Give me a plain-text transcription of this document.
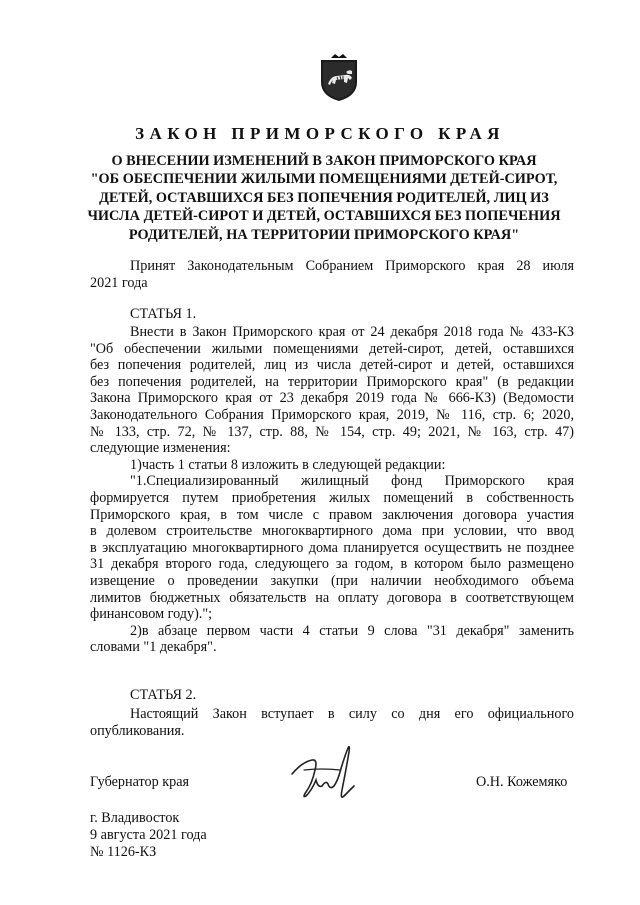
ЗАКОН ПРИМОРСКОГО КРАЯ
О ВНЕСЕНИИ ИЗМЕНЕНИЙ В ЗАКОН ПРИМОРСКОГО КРАЯ
"ОБ ОБЕСПЕЧЕНИИ ЖИЛЫМИ ПОМЕЩЕНИЯМИ ДЕТЕЙ-СИРОТ,
ДЕТЕЙ, ОСТАВШИХСЯ БЕЗ ПОПЕЧЕНИЯ РОДИТЕЛЕЙ, ЛИЦ ИЗ
ЧИСЛА ДЕТЕЙ-СИРОТ И ДЕТЕЙ, ОСТАВШИХСЯ БЕЗ ПОПЕЧЕНИЯ
РОДИТЕЛЕЙ, НА ТЕРРИТОРИИ ПРИМОРСКОГО КРАЯ"
Принят Законодательным Собранием Приморского края 28 июля
2021 года
СТАТЬЯ 1.
Внести в Закон Приморского края от 24 декабря 2018 года № 433-КЗ
"Об обеспечении жилыми помещениями детей-сирот, детей, оставшихся
без попечения родителей, лиц из числа детей-сирот и детей, оставшихся
без попечения родителей, на территории Приморского края" (в редакции
Закона Приморского края от 23 декабря 2019 года № 666-КЗ) (Ведомости
Законодательного Собрания Приморского края, 2019, № 116, стр. 6; 2020,
№ 133, стр. 72, № 137, стр. 88, № 154, стр. 49; 2021, № 163, стр. 47)
следующие изменения:
1)часть 1 статьи 8 изложить в следующей редакции:
"1.Специализированный жилищный фонд Приморского края
формируется путем приобретения жилых помещений в собственность
Приморского края, в том числе с правом заключения договора участия
в долевом строительстве многоквартирного дома при условии, что ввод
в эксплуатацию многоквартирного дома планируется осуществить не позднее
31 декабря второго года, следующего за годом, в котором было размещено
извещение о проведении закупки (при наличии необходимого объема
лимитов бюджетных обязательств на оплату договора в соответствующем
финансовом году).";
2)в абзаце первом части 4 статьи 9 слова "31 декабря" заменить
словами "1 декабря".
СТАТЬЯ 2.
Настоящий Закон вступает в силу со дня его официального
опубликования.
Губернатор края	О.Н. Кожемяко
г. Владивосток
9 августа 2021 года
№ 1126-КЗ
